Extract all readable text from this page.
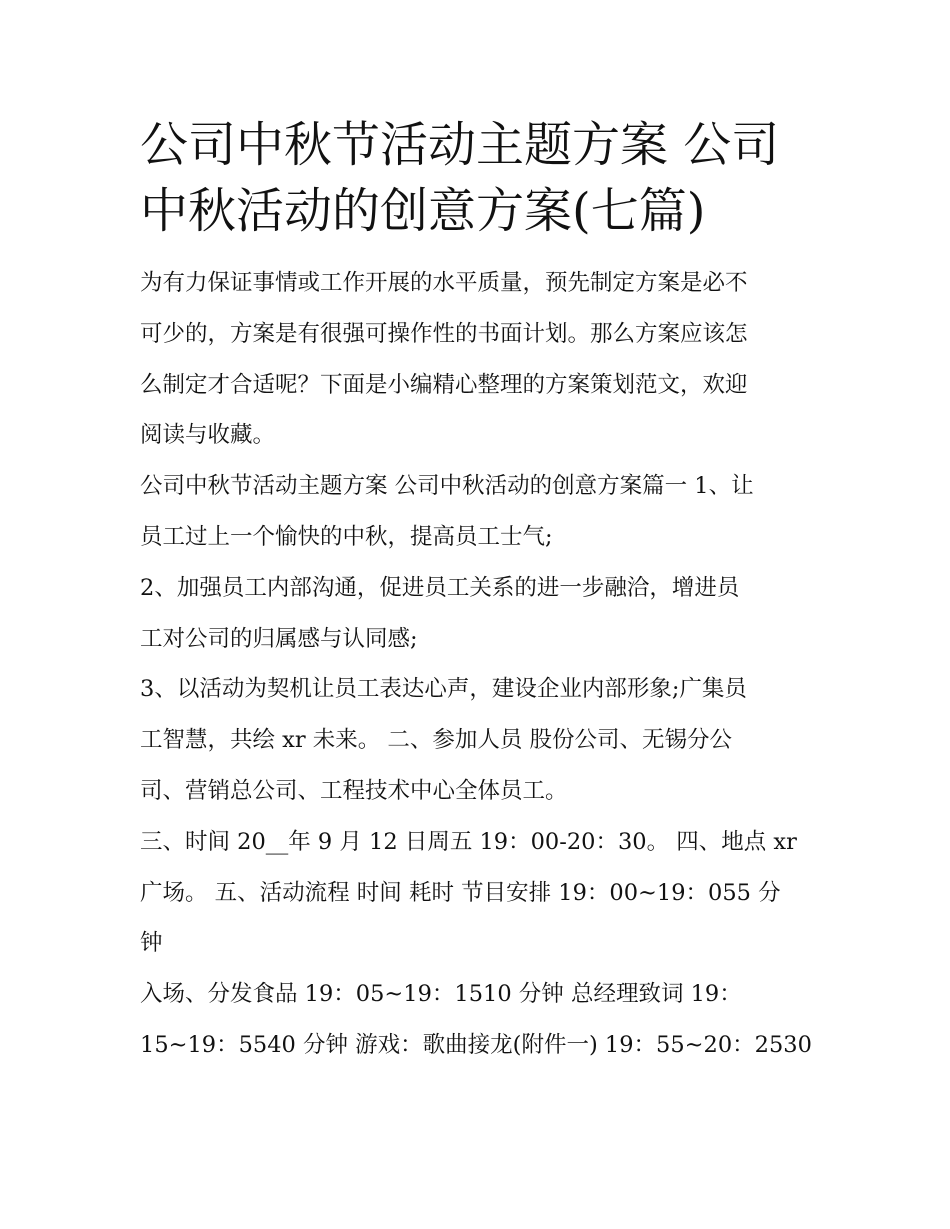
公司中秋节活动主题方案 公司
中秋活动的创意方案(七篇)
为有力保证事情或工作开展的水平质量，预先制定方案是必不
可少的，方案是有很强可操作性的书面计划。那么方案应该怎
么制定才合适呢？下面是小编精心整理的方案策划范文，欢迎
阅读与收藏。
公司中秋节活动主题方案 公司中秋活动的创意方案篇一 1、让
员工过上一个愉快的中秋，提高员工士气;
2、加强员工内部沟通，促进员工关系的进一步融洽，增进员
工对公司的归属感与认同感;
3、以活动为契机让员工表达心声，建设企业内部形象;广集员
工智慧，共绘 xr 未来。 二、参加人员 股份公司、无锡分公
司、营销总公司、工程技术中心全体员工。
三、时间 20__年 9 月 12 日周五 19：00-20：30。 四、地点 xr
广场。 五、活动流程 时间 耗时 节目安排 19：00~19：055 分
钟
入场、分发食品 19：05~19：1510 分钟 总经理致词 19：
15~19：5540 分钟 游戏：歌曲接龙(附件一) 19：55~20：2530
